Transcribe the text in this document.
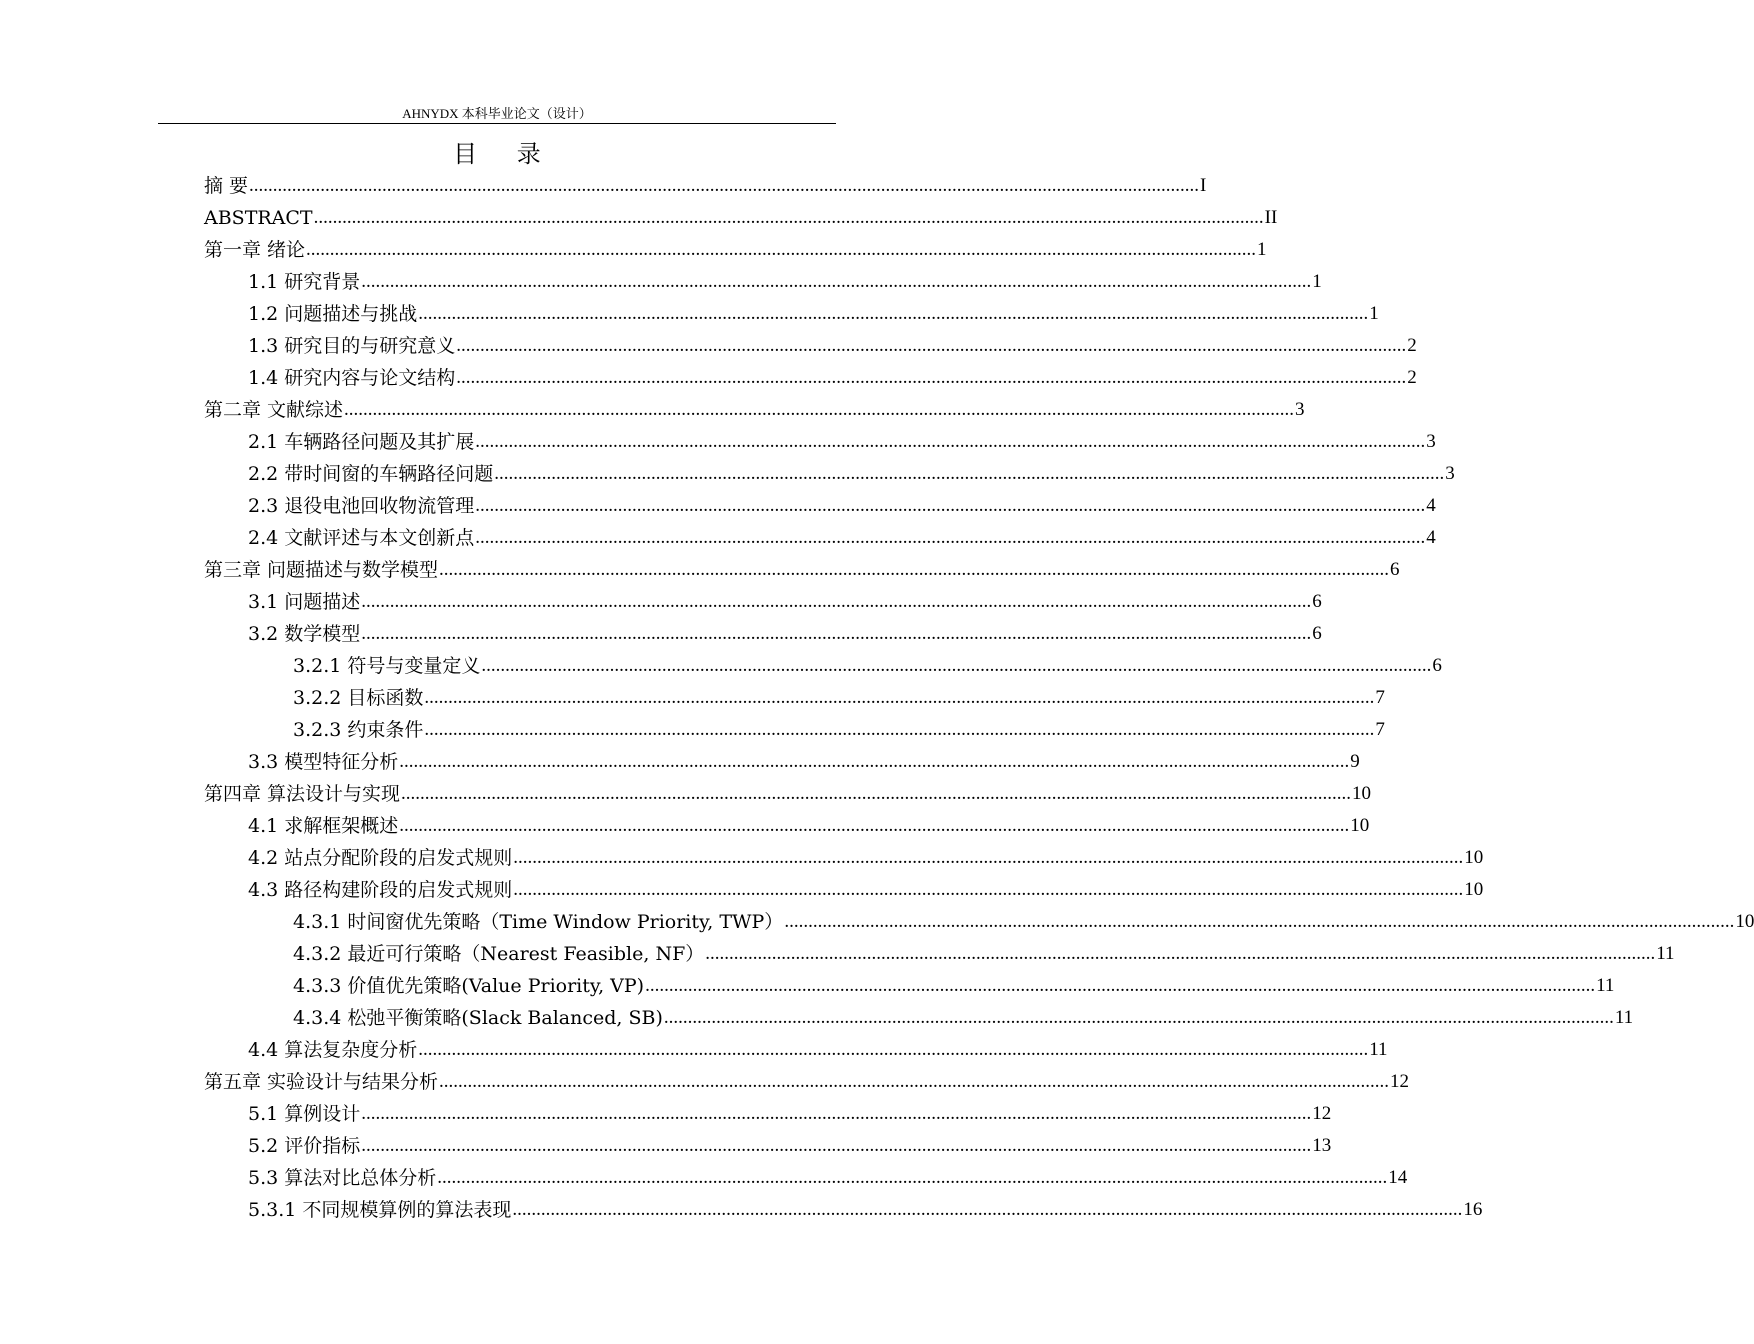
AHNYDX 本科毕业论文（设计）
目 录
摘 要 ........................................................................................................................................................................................................ I
ABSTRACT ........................................................................................................................................................................................................ II
第一章 绪论 ........................................................................................................................................................................................................ 1
1.1 研究背景 ........................................................................................................................................................................................................ 1
1.2 问题描述与挑战 ........................................................................................................................................................................................................ 1
1.3 研究目的与研究意义 ........................................................................................................................................................................................................ 2
1.4 研究内容与论文结构 ........................................................................................................................................................................................................ 2
第二章 文献综述 ........................................................................................................................................................................................................ 3
2.1 车辆路径问题及其扩展 ........................................................................................................................................................................................................ 3
2.2 带时间窗的车辆路径问题 ........................................................................................................................................................................................................ 3
2.3 退役电池回收物流管理 ........................................................................................................................................................................................................ 4
2.4 文献评述与本文创新点 ........................................................................................................................................................................................................ 4
第三章 问题描述与数学模型 ........................................................................................................................................................................................................ 6
3.1 问题描述 ........................................................................................................................................................................................................ 6
3.2 数学模型 ........................................................................................................................................................................................................ 6
3.2.1 符号与变量定义 ........................................................................................................................................................................................................ 6
3.2.2 目标函数 ........................................................................................................................................................................................................ 7
3.2.3 约束条件 ........................................................................................................................................................................................................ 7
3.3 模型特征分析 ........................................................................................................................................................................................................ 9
第四章 算法设计与实现 ........................................................................................................................................................................................................ 10
4.1 求解框架概述 ........................................................................................................................................................................................................ 10
4.2 站点分配阶段的启发式规则 ........................................................................................................................................................................................................ 10
4.3 路径构建阶段的启发式规则 ........................................................................................................................................................................................................ 10
4.3.1 时间窗优先策略（Time Window Priority, TWP） ........................................................................................................................................................................................................ 10
4.3.2 最近可行策略（Nearest Feasible, NF） ........................................................................................................................................................................................................ 11
4.3.3 价值优先策略(Value Priority, VP) ........................................................................................................................................................................................................ 11
4.3.4 松弛平衡策略(Slack Balanced, SB) ........................................................................................................................................................................................................ 11
4.4 算法复杂度分析 ........................................................................................................................................................................................................ 11
第五章 实验设计与结果分析 ........................................................................................................................................................................................................ 12
5.1 算例设计 ........................................................................................................................................................................................................ 12
5.2 评价指标 ........................................................................................................................................................................................................ 13
5.3 算法对比总体分析 ........................................................................................................................................................................................................ 14
5.3.1 不同规模算例的算法表现 ........................................................................................................................................................................................................ 16
